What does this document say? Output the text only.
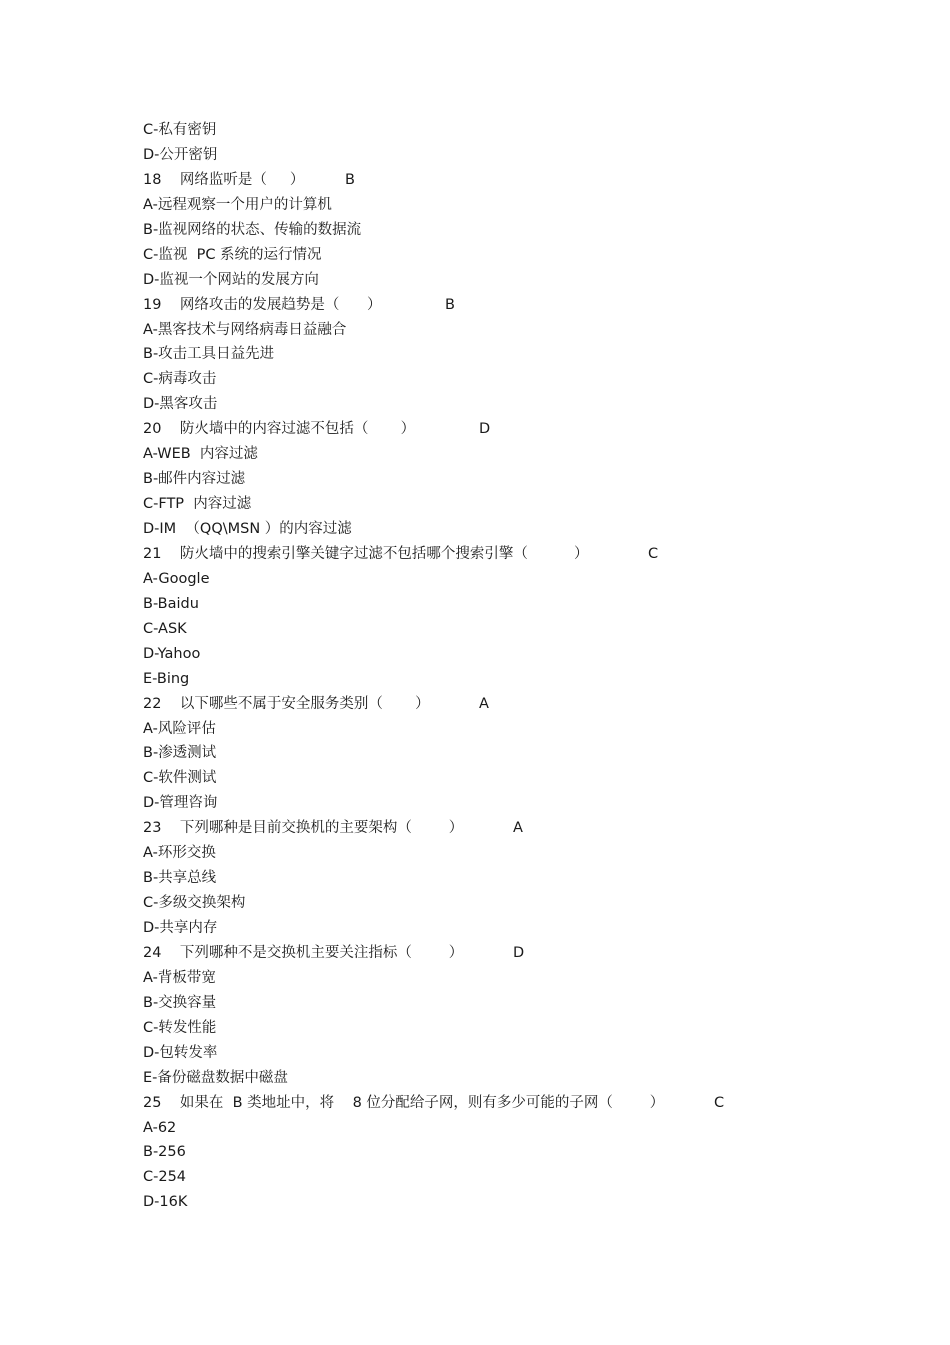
C-私有密钥
D-公开密钥
18    网络监听是（     ）	B
A-远程观察一个用户的计算机
B-监视网络的状态、传输的数据流
C-监视  PC 系统的运行情况
D-监视一个网站的发展方向
19    网络攻击的发展趋势是（      ）	B
A-黑客技术与网络病毒日益融合
B-攻击工具日益先进
C-病毒攻击
D-黑客攻击
20    防火墙中的内容过滤不包括（       ）	D
A-WEB  内容过滤
B-邮件内容过滤
C-FTP  内容过滤
D-IM  （QQ\MSN ）的内容过滤
21    防火墙中的搜索引擎关键字过滤不包括哪个搜索引擎（          ）	C
A-Google
B-Baidu
C-ASK
D-Yahoo
E-Bing
22    以下哪些不属于安全服务类别（       ）	A
A-风险评估
B-渗透测试
C-软件测试
D-管理咨询
23    下列哪种是目前交换机的主要架构（        ）	A
A-环形交换
B-共享总线
C-多级交换架构
D-共享内存
24    下列哪种不是交换机主要关注指标（        ）	D
A-背板带宽
B-交换容量
C-转发性能
D-包转发率
E-备份磁盘数据中磁盘
25    如果在  B 类地址中，将    8 位分配给子网，则有多少可能的子网（        ）	C
A-62
B-256
C-254
D-16K
